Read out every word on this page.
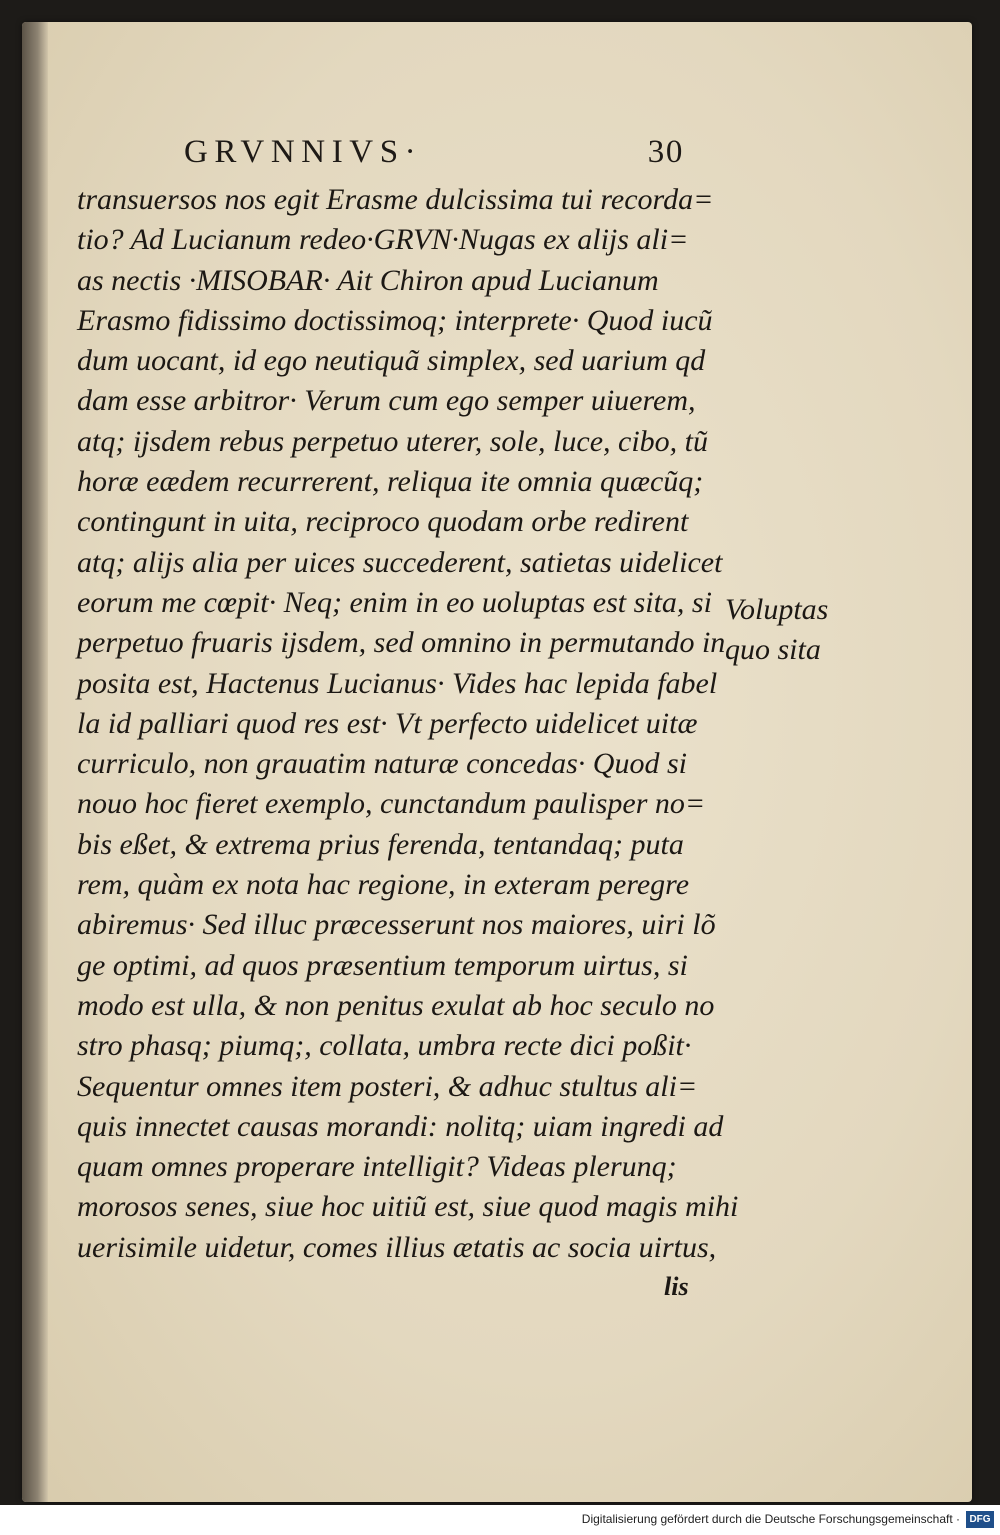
GRVNNIVS·	30
transuersos nos egit Erasme dulcissima tui recorda=
tio? Ad Lucianum redeo·GRVN·Nugas ex alijs ali=
as nectis ·MISOBAR· Ait Chiron apud Lucianum
Erasmo fidissimo doctissimoq; interprete· Quod iucũ
dum uocant, id ego neutiquã simplex, sed uarium qd
dam esse arbitror· Verum cum ego semper uiuerem,
atq; ijsdem rebus perpetuo uterer, sole, luce, cibo, tũ
horæ eædem recurrerent, reliqua ite omnia quæcũq;
contingunt in uita, reciproco quodam orbe redirent
atq; alijs alia per uices succederent, satietas uidelicet
eorum me cœpit· Neq; enim in eo uoluptas est sita, si
perpetuo fruaris ijsdem, sed omnino in permutando in
posita est, Hactenus Lucianus· Vides hac lepida fabel
la id palliari quod res est· Vt perfecto uidelicet uitæ
curriculo, non grauatim naturæ concedas· Quod si
nouo hoc fieret exemplo, cunctandum paulisper no=
bis eßet, & extrema prius ferenda, tentandaq; puta
rem, quàm ex nota hac regione, in exteram peregre
abiremus· Sed illuc præcesserunt nos maiores, uiri lõ
ge optimi, ad quos præsentium temporum uirtus, si
modo est ulla, & non penitus exulat ab hoc seculo no
stro phasq; piumq;, collata, umbra recte dici poßit·
Sequentur omnes item posteri, & adhuc stultus ali=
quis innectet causas morandi: nolitq; uiam ingredi ad
quam omnes properare intelligit? Videas plerunq;
morosos senes, siue hoc uitiũ est, siue quod magis mihi
uerisimile uidetur, comes illius ætatis ac socia uirtus,
Voluptas
quo sita
lis
Digitalisierung gefördert durch die Deutsche Forschungsgemeinschaft · DFG
